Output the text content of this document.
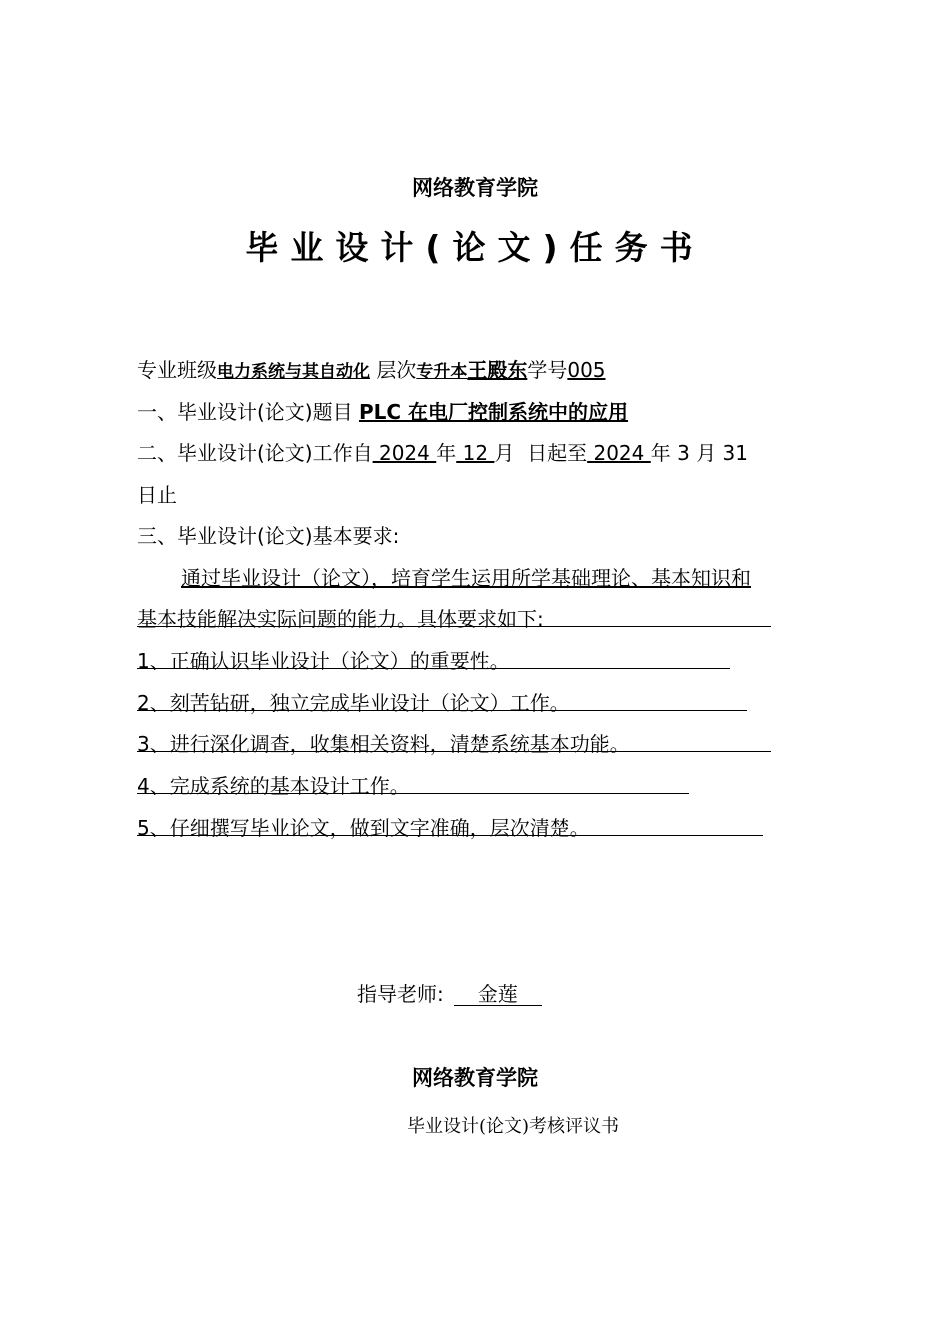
网络教育学院
毕业设计(论文)任务书
专业班级电力系统与其自动化 层次专升本王殿东学号005
一、毕业设计(论文)题目 PLC 在电厂控制系统中的应用
二、毕业设计(论文)工作自 2024 年 12 月 日起至 2024 年 3 月 31
日止
三、毕业设计(论文)基本要求:
通过毕业设计（论文），培育学生运用所学基础理论、基本知识和
基本技能解决实际问题的能力。具体要求如下:
1、正确认识毕业设计（论文）的重要性。
2、刻苦钻研，独立完成毕业设计（论文）工作。
3、进行深化调查，收集相关资料，清楚系统基本功能。
4、完成系统的基本设计工作。
5、仔细撰写毕业论文，做到文字准确，层次清楚。
指导老师: 金莲
网络教育学院
毕业设计(论文)考核评议书
